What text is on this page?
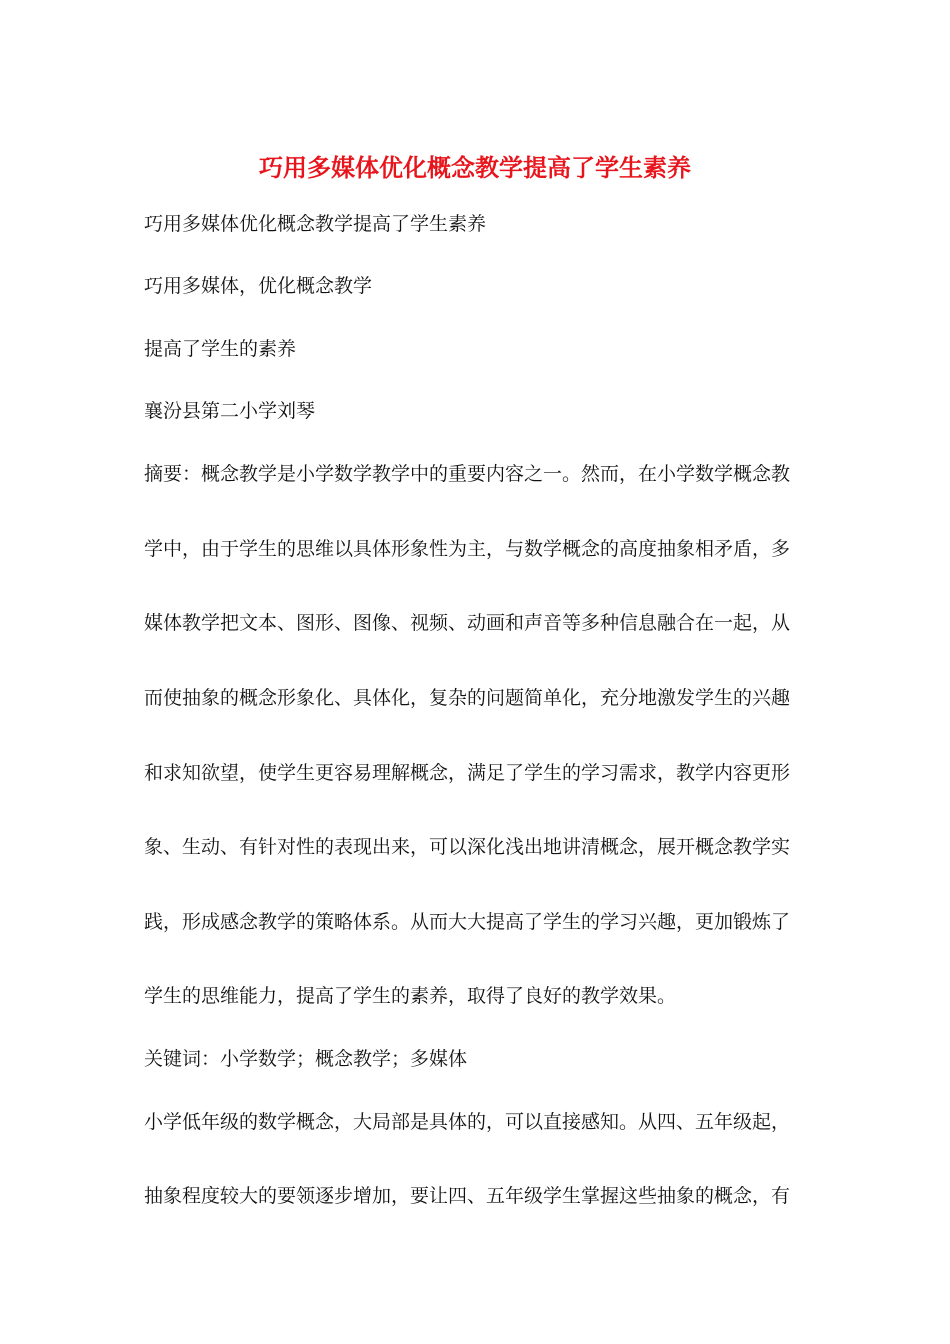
巧用多媒体优化概念教学提高了学生素养

巧用多媒体优化概念教学提高了学生素养

巧用多媒体，优化概念教学

提高了学生的素养

襄汾县第二小学刘琴

摘要：概念教学是小学数学教学中的重要内容之一。然而，在小学数学概念教

学中，由于学生的思维以具体形象性为主，与数学概念的高度抽象相矛盾，多

媒体教学把文本、图形、图像、视频、动画和声音等多种信息融合在一起，从

而使抽象的概念形象化、具体化，复杂的问题简单化，充分地激发学生的兴趣

和求知欲望，使学生更容易理解概念，满足了学生的学习需求，教学内容更形

象、生动、有针对性的表现出来，可以深化浅出地讲清概念，展开概念教学实

践，形成感念教学的策略体系。从而大大提高了学生的学习兴趣，更加锻炼了

学生的思维能力，提高了学生的素养，取得了良好的教学效果。

关键词：小学数学；概念教学；多媒体

小学低年级的数学概念，大局部是具体的，可以直接感知。从四、五年级起，

抽象程度较大的要领逐步增加，要让四、五年级学生掌握这些抽象的概念，有
